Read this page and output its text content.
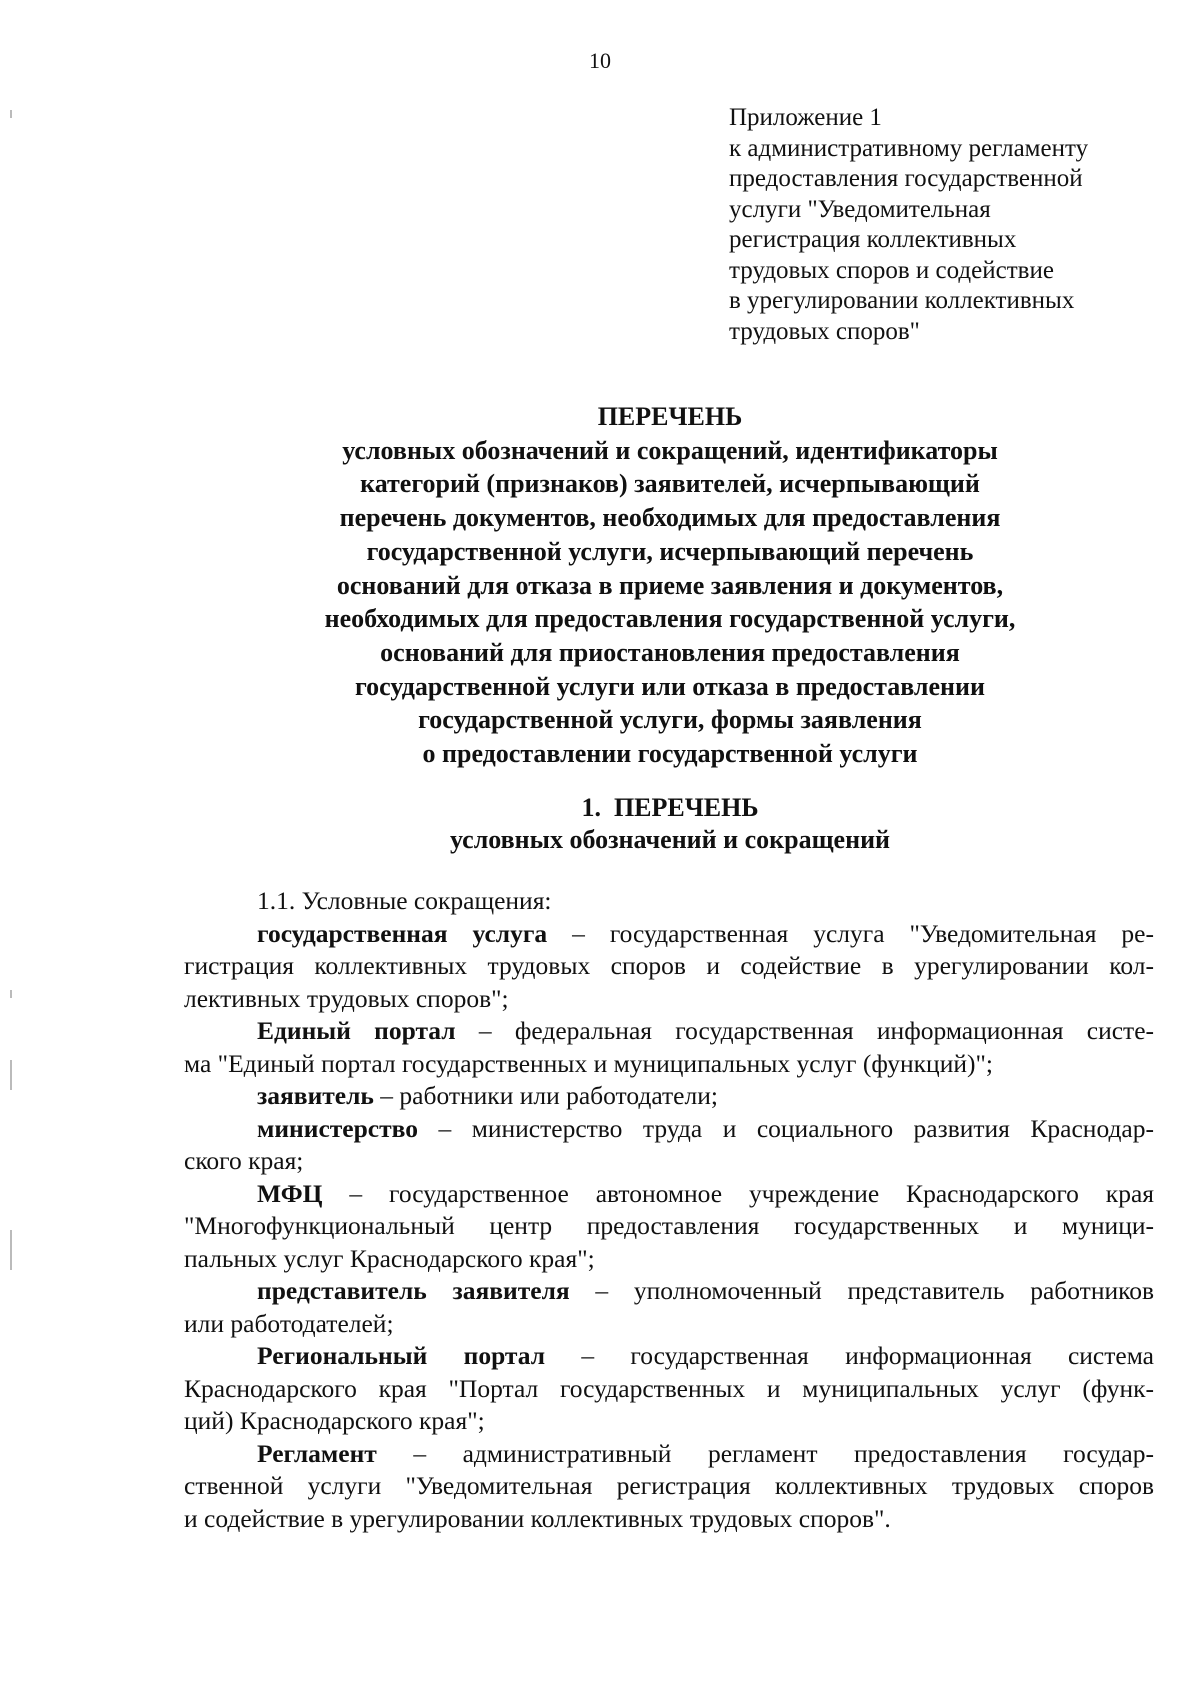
10
Приложение 1
к административному регламенту
предоставления государственной
услуги "Уведомительная
регистрация коллективных
трудовых споров и содействие
в урегулировании коллективных
трудовых споров"
ПЕРЕЧЕНЬ
условных обозначений и сокращений, идентификаторы
категорий (признаков) заявителей, исчерпывающий
перечень документов, необходимых для предоставления
государственной услуги, исчерпывающий перечень
оснований для отказа в приеме заявления и документов,
необходимых для предоставления государственной услуги,
оснований для приостановления предоставления
государственной услуги или отказа в предоставлении
государственной услуги, формы заявления
о предоставлении государственной услуги
1.  ПЕРЕЧЕНЬ
условных обозначений и сокращений
1.1. Условные сокращения:
государственная услуга – государственная услуга "Уведомительная ре-
гистрация коллективных трудовых споров и содействие в урегулировании кол-
лективных трудовых споров";
Единый портал – федеральная государственная информационная систе-
ма "Единый портал государственных и муниципальных услуг (функций)";
заявитель – работники или работодатели;
министерство – министерство труда и социального развития Краснодар-
ского края;
МФЦ – государственное автономное учреждение Краснодарского края
"Многофункциональный центр предоставления государственных и муници-
пальных услуг Краснодарского края";
представитель заявителя – уполномоченный представитель работников
или работодателей;
Региональный портал – государственная информационная система
Краснодарского края "Портал государственных и муниципальных услуг (функ-
ций) Краснодарского края";
Регламент – административный регламент предоставления государ-
ственной услуги "Уведомительная регистрация коллективных трудовых споров
и содействие в урегулировании коллективных трудовых споров".
